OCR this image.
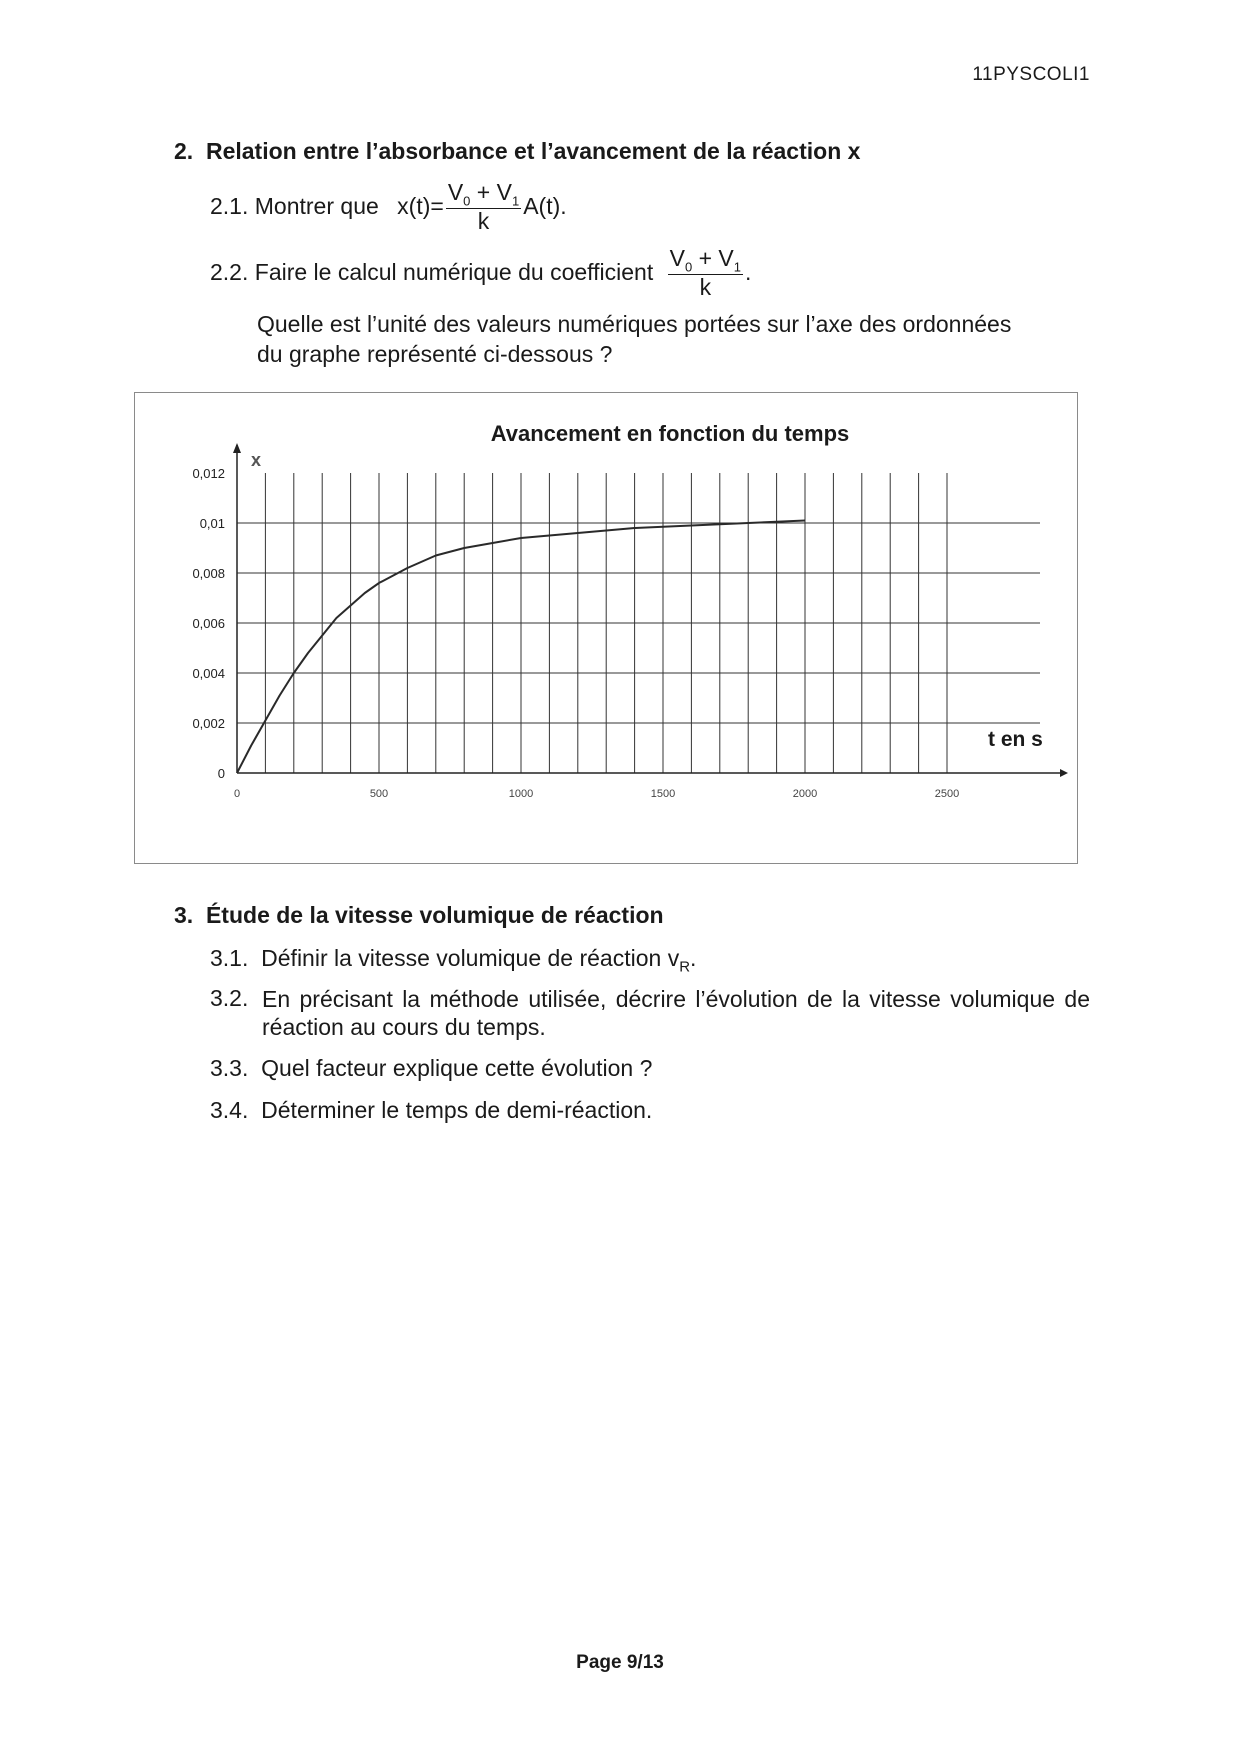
11PYSCOLI1
2. Relation entre l’absorbance et l’avancement de la réaction x
2.1. Montrer que $x(t)= \frac{V_0 + V_1}{k} A(t)$.
2.2. Faire le calcul numérique du coefficient $\frac{V_0 + V_1}{k}$ .
Quelle est l’unité des valeurs numériques portées sur l’axe des ordonnées
du graphe représenté ci-dessous ?
Avancement en fonction du temps
x
t en s
0
0,002
0,004
0,006
0,008
0,01
0,012
0	500	1000	1500	2000	2500
3. Étude de la vitesse volumique de réaction
3.1. Définir la vitesse volumique de réaction $v_R$.
3.2. En précisant la méthode utilisée, décrire l’évolution de la vitesse volumique de réaction au cours du temps.
3.3. Quel facteur explique cette évolution ?
3.4. Déterminer le temps de demi-réaction.
Page 9/13
